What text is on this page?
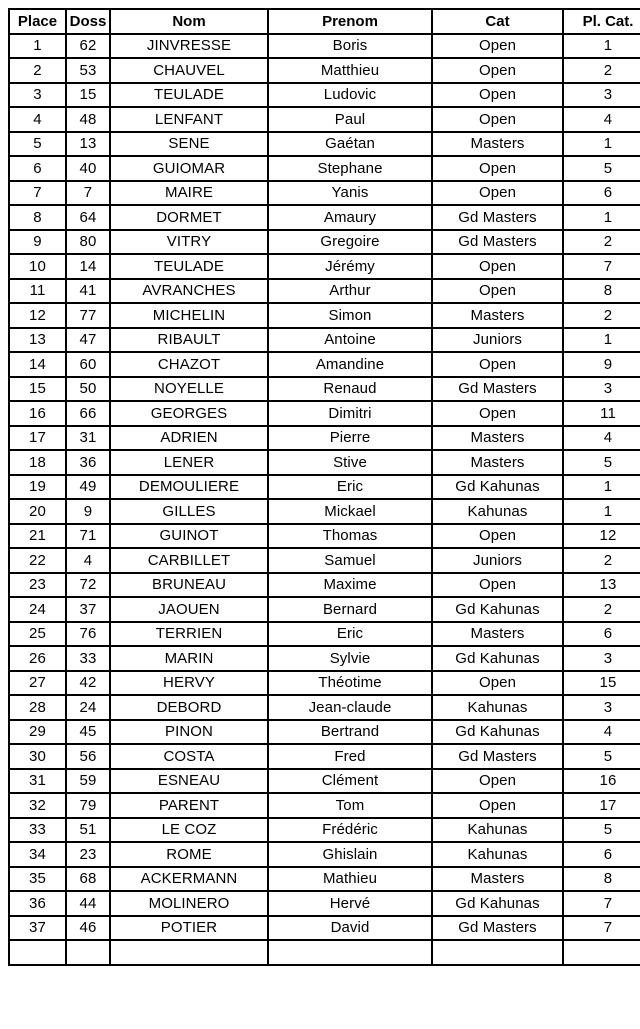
Place	Doss	Nom	Prenom	Cat	Pl. Cat.
1	62	JINVRESSE	Boris	Open	1
2	53	CHAUVEL	Matthieu	Open	2
3	15	TEULADE	Ludovic	Open	3
4	48	LENFANT	Paul	Open	4
5	13	SENE	Gaétan	Masters	1
6	40	GUIOMAR	Stephane	Open	5
7	7	MAIRE	Yanis	Open	6
8	64	DORMET	Amaury	Gd Masters	1
9	80	VITRY	Gregoire	Gd Masters	2
10	14	TEULADE	Jérémy	Open	7
11	41	AVRANCHES	Arthur	Open	8
12	77	MICHELIN	Simon	Masters	2
13	47	RIBAULT	Antoine	Juniors	1
14	60	CHAZOT	Amandine	Open	9
15	50	NOYELLE	Renaud	Gd Masters	3
16	66	GEORGES	Dimitri	Open	11
17	31	ADRIEN	Pierre	Masters	4
18	36	LENER	Stive	Masters	5
19	49	DEMOULIERE	Eric	Gd Kahunas	1
20	9	GILLES	Mickael	Kahunas	1
21	71	GUINOT	Thomas	Open	12
22	4	CARBILLET	Samuel	Juniors	2
23	72	BRUNEAU	Maxime	Open	13
24	37	JAOUEN	Bernard	Gd Kahunas	2
25	76	TERRIEN	Eric	Masters	6
26	33	MARIN	Sylvie	Gd Kahunas	3
27	42	HERVY	Théotime	Open	15
28	24	DEBORD	Jean-claude	Kahunas	3
29	45	PINON	Bertrand	Gd Kahunas	4
30	56	COSTA	Fred	Gd Masters	5
31	59	ESNEAU	Clément	Open	16
32	79	PARENT	Tom	Open	17
33	51	LE COZ	Frédéric	Kahunas	5
34	23	ROME	Ghislain	Kahunas	6
35	68	ACKERMANN	Mathieu	Masters	8
36	44	MOLINERO	Hervé	Gd Kahunas	7
37	46	POTIER	David	Gd Masters	7
